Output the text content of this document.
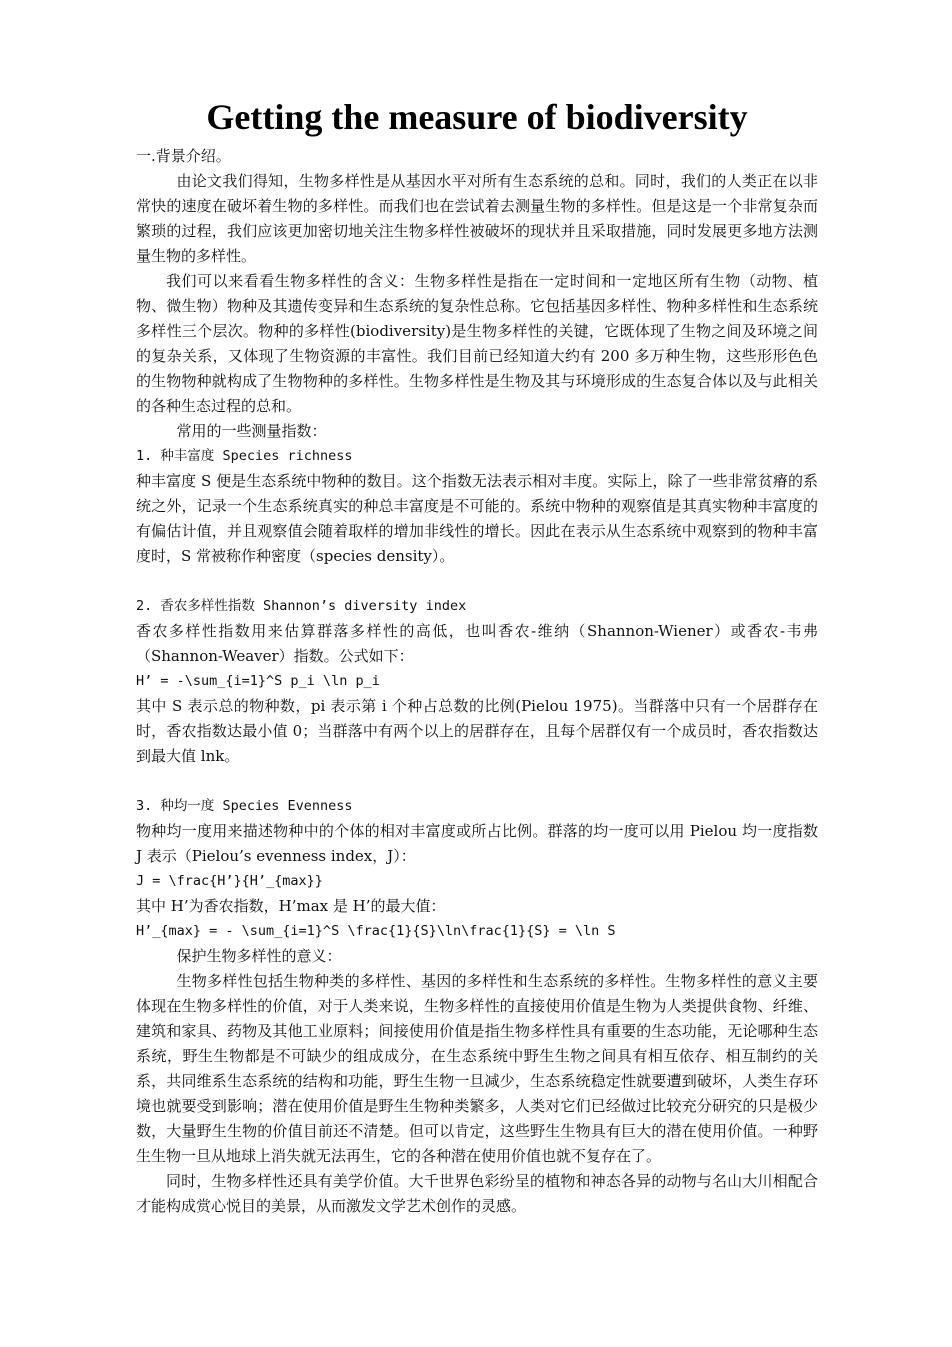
Getting the measure of biodiversity

一.背景介绍。

由论文我们得知，生物多样性是从基因水平对所有生态系统的总和。同时，我们的人类正在以非常快的速度在破坏着生物的多样性。而我们也在尝试着去测量生物的多样性。但是这是一个非常复杂而繁琐的过程，我们应该更加密切地关注生物多样性被破坏的现状并且采取措施，同时发展更多地方法测量生物的多样性。

我们可以来看看生物多样性的含义：生物多样性是指在一定时间和一定地区所有生物（动物、植物、微生物）物种及其遗传变异和生态系统的复杂性总称。它包括基因多样性、物种多样性和生态系统多样性三个层次。物种的多样性(biodiversity)是生物多样性的关键，它既体现了生物之间及环境之间的复杂关系，又体现了生物资源的丰富性。我们目前已经知道大约有 200 多万种生物，这些形形色色的生物物种就构成了生物物种的多样性。生物多样性是生物及其与环境形成的生态复合体以及与此相关的各种生态过程的总和。

常用的一些测量指数：

1. 种丰富度 Species richness

种丰富度 S 便是生态系统中物种的数目。这个指数无法表示相对丰度。实际上，除了一些非常贫瘠的系统之外，记录一个生态系统真实的种总丰富度是不可能的。系统中物种的观察值是其真实物种丰富度的有偏估计值，并且观察值会随着取样的增加非线性的增长。因此在表示从生态系统中观察到的物种丰富度时，S 常被称作种密度（species density）。

2. 香农多样性指数 Shannon’s diversity index

香农多样性指数用来估算群落多样性的高低，也叫香农-维纳（Shannon-Wiener）或香农-韦弗（Shannon-Weaver）指数。公式如下：

H’ = -\sum_{i=1}^S p_i \ln p_i

其中 S 表示总的物种数，pi 表示第 i 个种占总数的比例(Pielou 1975)。当群落中只有一个居群存在时，香农指数达最小值 0；当群落中有两个以上的居群存在，且每个居群仅有一个成员时，香农指数达到最大值 lnk。

3. 种均一度 Species Evenness

物种均一度用来描述物种中的个体的相对丰富度或所占比例。群落的均一度可以用 Pielou 均一度指数 J 表示（Pielou’s evenness index，J）：

J = \frac{H’}{H’_{max}}

其中 H’为香农指数，H’max 是 H’的最大值：

H’_{max} = - \sum_{i=1}^S \frac{1}{S}\ln\frac{1}{S} = \ln S

保护生物多样性的意义：

生物多样性包括生物种类的多样性、基因的多样性和生态系统的多样性。生物多样性的意义主要体现在生物多样性的价值，对于人类来说，生物多样性的直接使用价值是生物为人类提供食物、纤维、建筑和家具、药物及其他工业原料；间接使用价值是指生物多样性具有重要的生态功能，无论哪种生态系统，野生生物都是不可缺少的组成成分，在生态系统中野生生物之间具有相互依存、相互制约的关系，共同维系生态系统的结构和功能，野生生物一旦减少，生态系统稳定性就要遭到破坏，人类生存环境也就要受到影响；潜在使用价值是野生生物种类繁多，人类对它们已经做过比较充分研究的只是极少数，大量野生生物的价值目前还不清楚。但可以肯定，这些野生生物具有巨大的潜在使用价值。一种野生生物一旦从地球上消失就无法再生，它的各种潜在使用价值也就不复存在了。

同时，生物多样性还具有美学价值。大千世界色彩纷呈的植物和神态各异的动物与名山大川相配合才能构成赏心悦目的美景，从而激发文学艺术创作的灵感。
